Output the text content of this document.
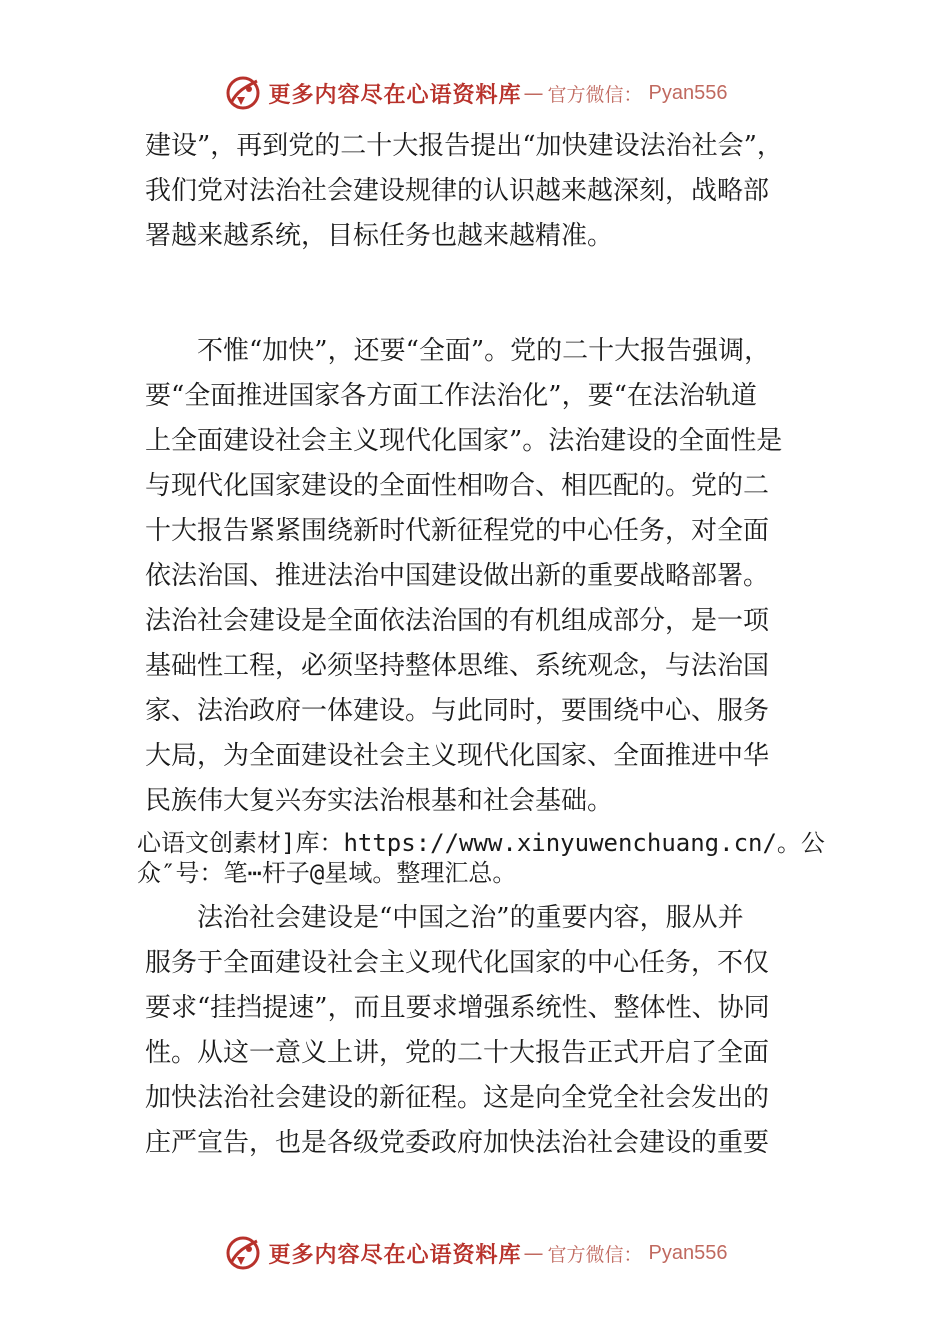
更多内容尽在心语资料库 — 官方微信： Pyan556

建设”，再到党的二十大报告提出“加快建设法治社会”，
我们党对法治社会建设规律的认识越来越深刻，战略部
署越来越系统，目标任务也越来越精准。

不惟“加快”，还要“全面”。党的二十大报告强调，
要“全面推进国家各方面工作法治化”，要“在法治轨道
上全面建设社会主义现代化国家”。法治建设的全面性是
与现代化国家建设的全面性相吻合、相匹配的。党的二
十大报告紧紧围绕新时代新征程党的中心任务，对全面
依法治国、推进法治中国建设做出新的重要战略部署。
法治社会建设是全面依法治国的有机组成部分，是一项
基础性工程，必须坚持整体思维、系统观念，与法治国
家、法治政府一体建设。与此同时，要围绕中心、服务
大局，为全面建设社会主义现代化国家、全面推进中华
民族伟大复兴夯实法治根基和社会基础。

心语文创素材]库：https://www.xinyuwenchuang.cn/。公
众″号：笔⋯杆子@星域。整理汇总。

法治社会建设是“中国之治”的重要内容，服从并
服务于全面建设社会主义现代化国家的中心任务，不仅
要求“挂挡提速”，而且要求增强系统性、整体性、协同
性。从这一意义上讲，党的二十大报告正式开启了全面
加快法治社会建设的新征程。这是向全党全社会发出的
庄严宣告，也是各级党委政府加快法治社会建设的重要

更多内容尽在心语资料库 — 官方微信： Pyan556
